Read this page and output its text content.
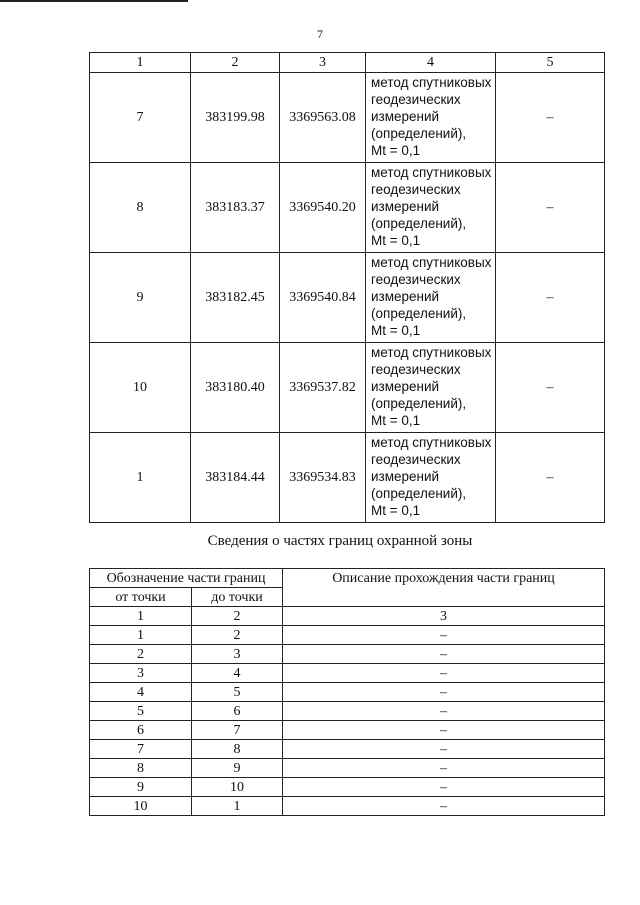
7
1	2	3	4	5
7	383199.98	3369563.08	метод спутниковых
геодезических
измерений
(определений),
Mt = 0,1	–
8	383183.37	3369540.20	метод спутниковых
геодезических
измерений
(определений),
Mt = 0,1	–
9	383182.45	3369540.84	метод спутниковых
геодезических
измерений
(определений),
Mt = 0,1	–
10	383180.40	3369537.82	метод спутниковых
геодезических
измерений
(определений),
Mt = 0,1	–
1	383184.44	3369534.83	метод спутниковых
геодезических
измерений
(определений),
Mt = 0,1	–
Сведения о частях границ охранной зоны
Обозначение части границ		Описание прохождения части границ
от точки	до точки	
1	2	3
1	2	–
2	3	–
3	4	–
4	5	–
5	6	–
6	7	–
7	8	–
8	9	–
9	10	–
10	1	–
